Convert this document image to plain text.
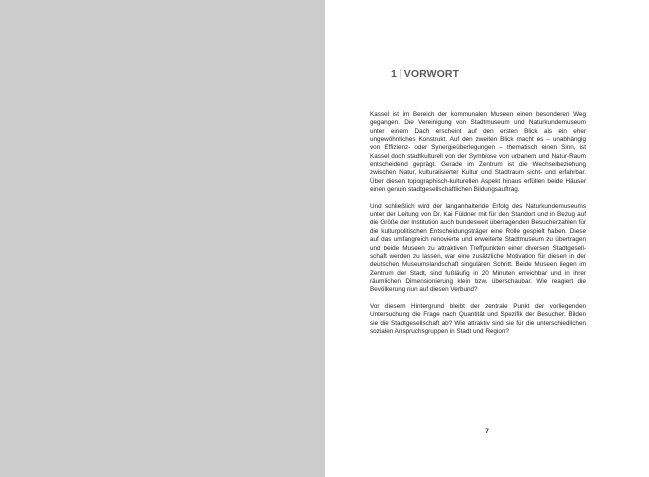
1 | VORWORT

Kassel ist im Bereich der kommunalen Museen einen besonderen Weg gegangen. Die Vereinigung von Stadtmuseum und Naturkundemuseum unter einem Dach erscheint auf den ersten Blick als ein eher ungewöhnliches Konstrukt. Auf den zweiten Blick macht es – unabhängig von Effizienz- oder Synergieüberlegungen – thematisch einen Sinn, ist Kassel doch stadtkulturell von der Symbiose von urbanem und Natur-Raum entscheidend geprägt. Gerade im Zentrum ist die Wechselbeziehung zwischen Natur, kulturalisierter Kultur und Stadtraum sicht- und erfahrbar. Über diesen topographisch-kulturellen Aspekt hinaus erfüllen beide Häuser einen genuin stadtgesellschaftlichen Bildungsauftrag.

Und schließlich wird der langanhaltende Erfolg des Naturkundemuseums unter der Leitung von Dr. Kai Füldner mit für den Standort und in Bezug auf die Größe der Institution auch bundesweit überragenden Besucherzahlen für die kulturpolitischen Entscheidungsträger eine Rolle gespielt haben. Diese auf das umfangreich renovierte und erweiterte Stadtmuseum zu übertragen und beide Museen zu attraktiven Treffpunkten einer diversen Stadtgesellschaft werden zu lassen, war eine zusätzliche Motivation für diesen in der deutschen Museumslandschaft singulären Schritt. Beide Museen liegen im Zentrum der Stadt, sind fußläufig in 20 Minuten erreichbar und in ihrer räumlichen Dimensionierung klein bzw. überschaubar. Wie reagiert die Bevölkerung nun auf diesen Verbund?

Vor diesem Hintergrund bleibt der zentrale Punkt der vorliegenden Untersuchung die Frage nach Quantität und Spezifik der Besucher: Bilden sie die Stadtgesellschaft ab? Wie attraktiv sind sie für die unterschiedlichen sozialen Anspruchsgruppen in Stadt und Region?

7
